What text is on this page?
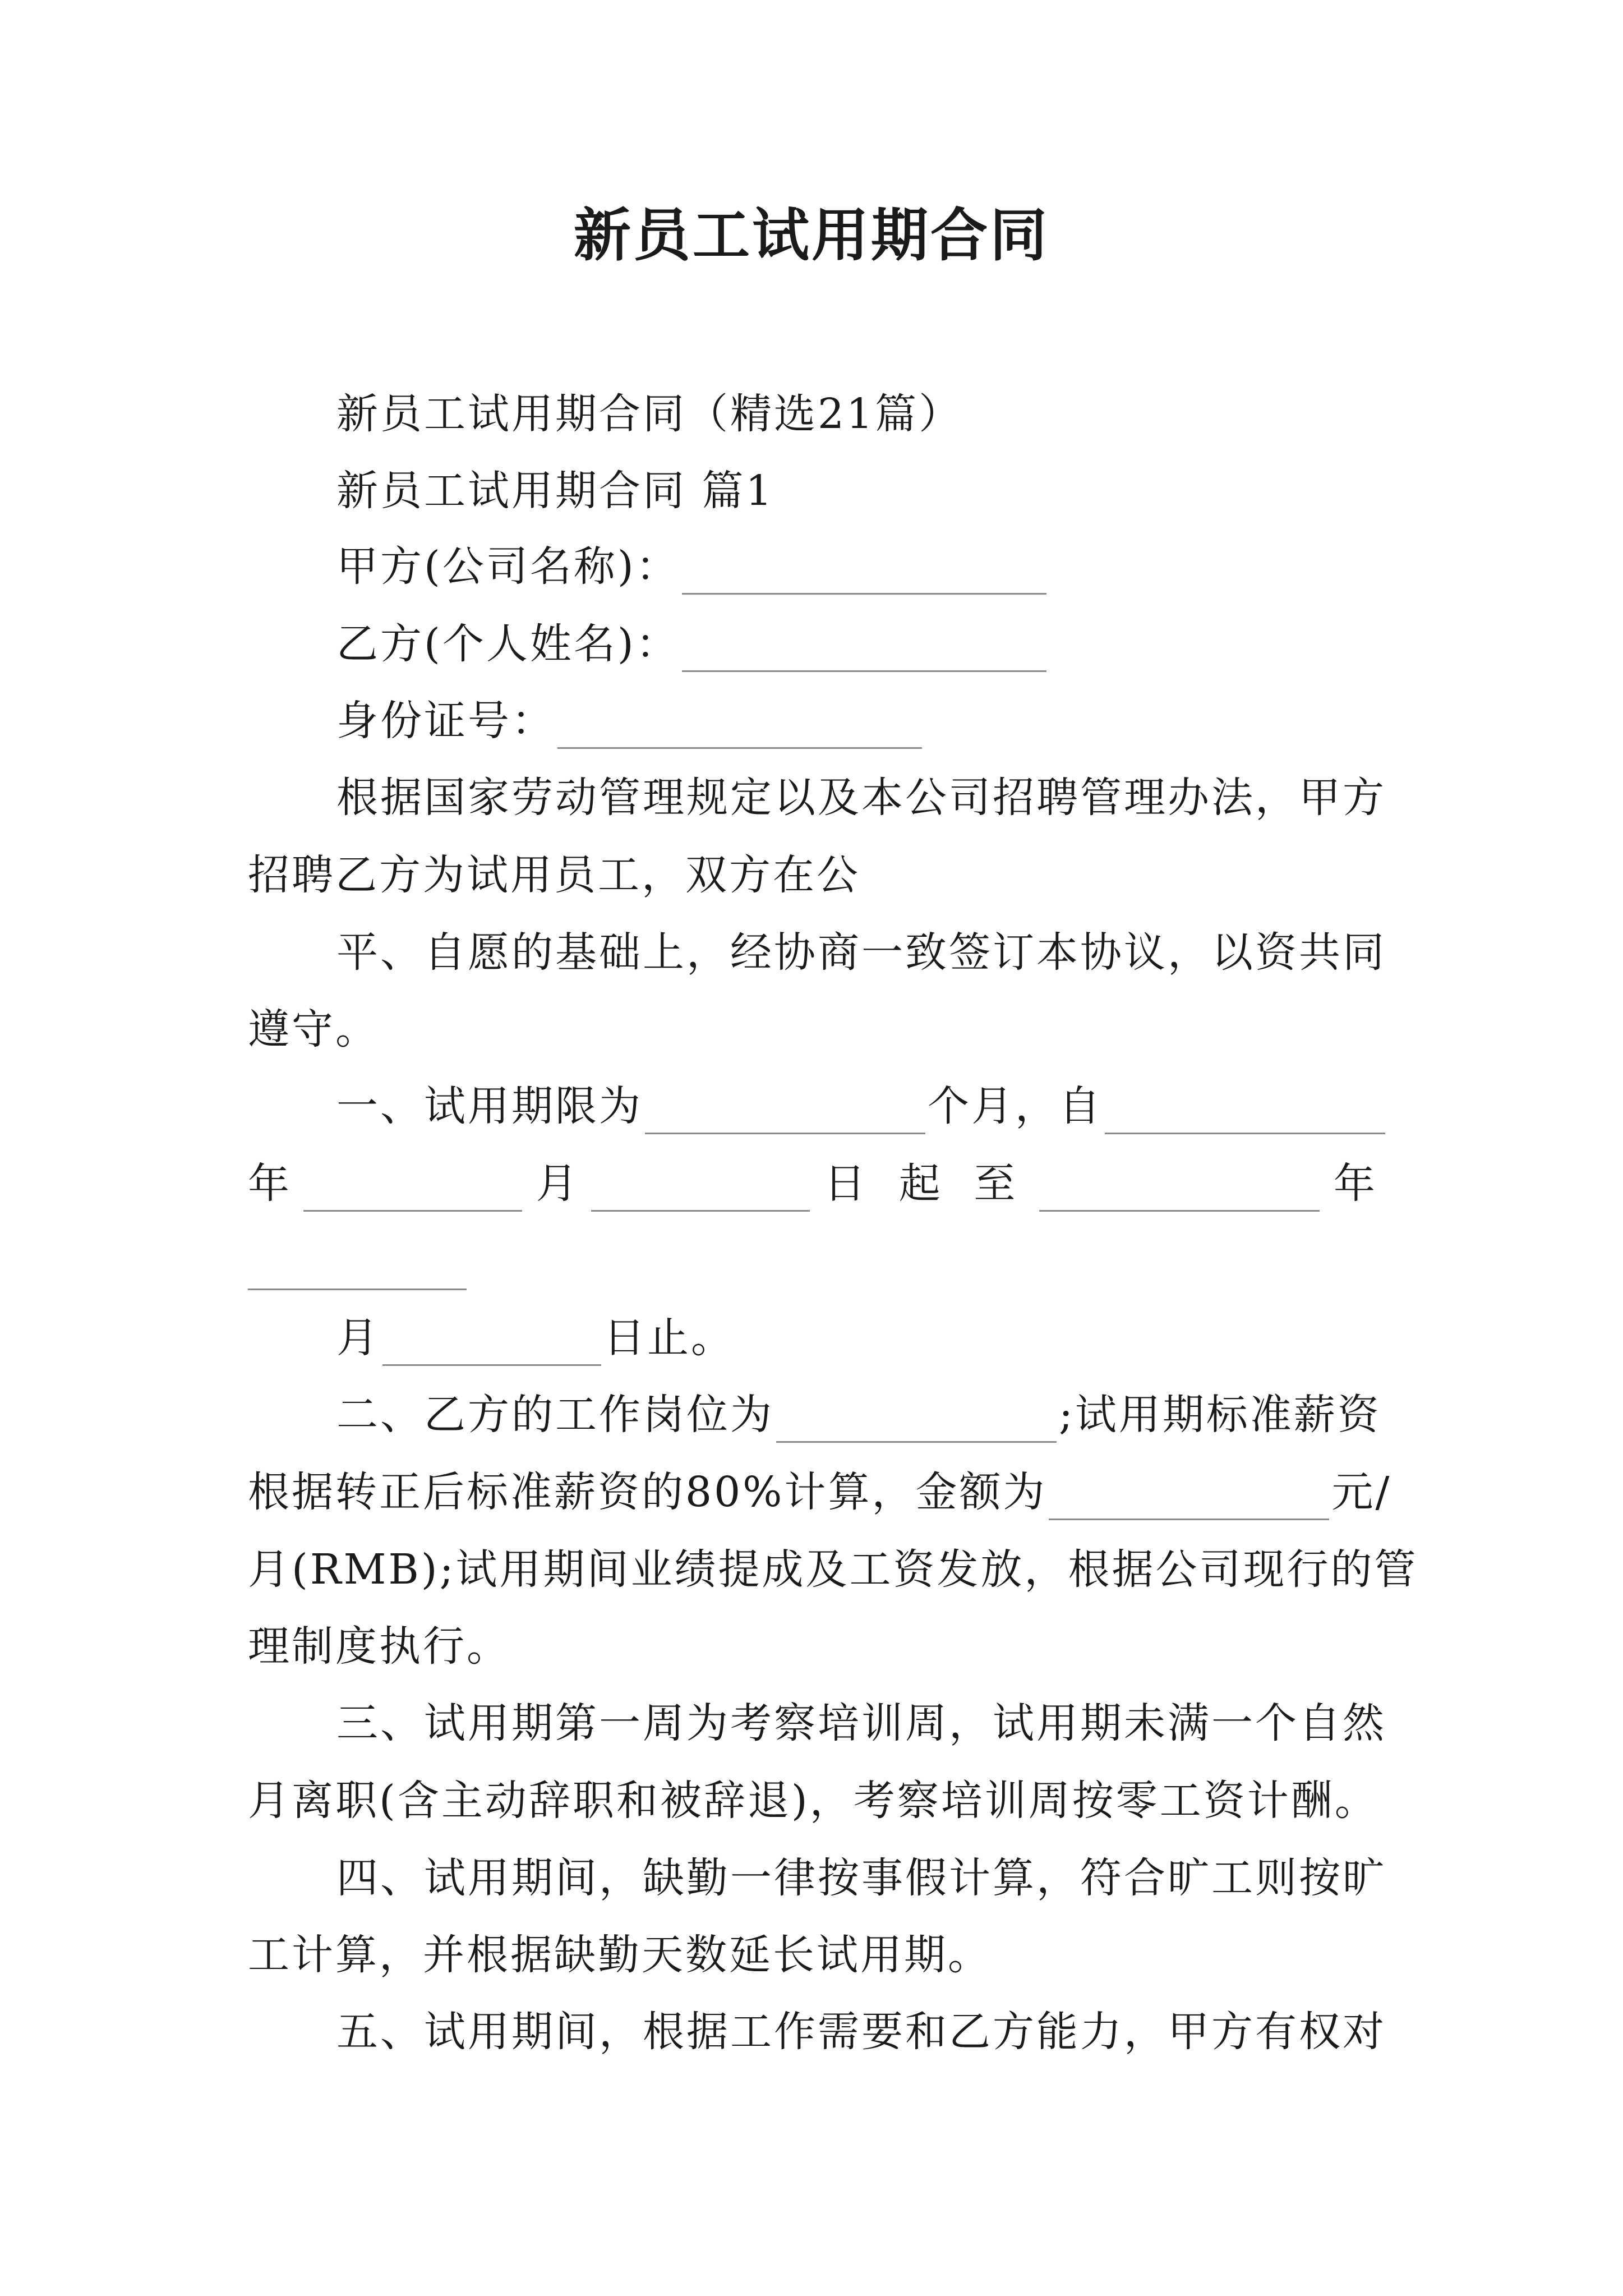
新员工试用期合同
新员工试用期合同（精选21篇）
新员工试用期合同 篇1
甲方(公司名称)：
乙方(个人姓名)：
身份证号：
根据国家劳动管理规定以及本公司招聘管理办法，甲方
招聘乙方为试用员工，双方在公
平、自愿的基础上，经协商一致签订本协议，以资共同
遵守。
一、试用期限为	个月，自
年	月	日 起 至	年
月	日止。
二、乙方的工作岗位为	;试用期标准薪资
根据转正后标准薪资的80%计算，金额为	元/
月(RMB);试用期间业绩提成及工资发放，根据公司现行的管
理制度执行。
三、试用期第一周为考察培训周，试用期未满一个自然
月离职(含主动辞职和被辞退)，考察培训周按零工资计酬。
四、试用期间，缺勤一律按事假计算，符合旷工则按旷
工计算，并根据缺勤天数延长试用期。
五、试用期间，根据工作需要和乙方能力，甲方有权对
